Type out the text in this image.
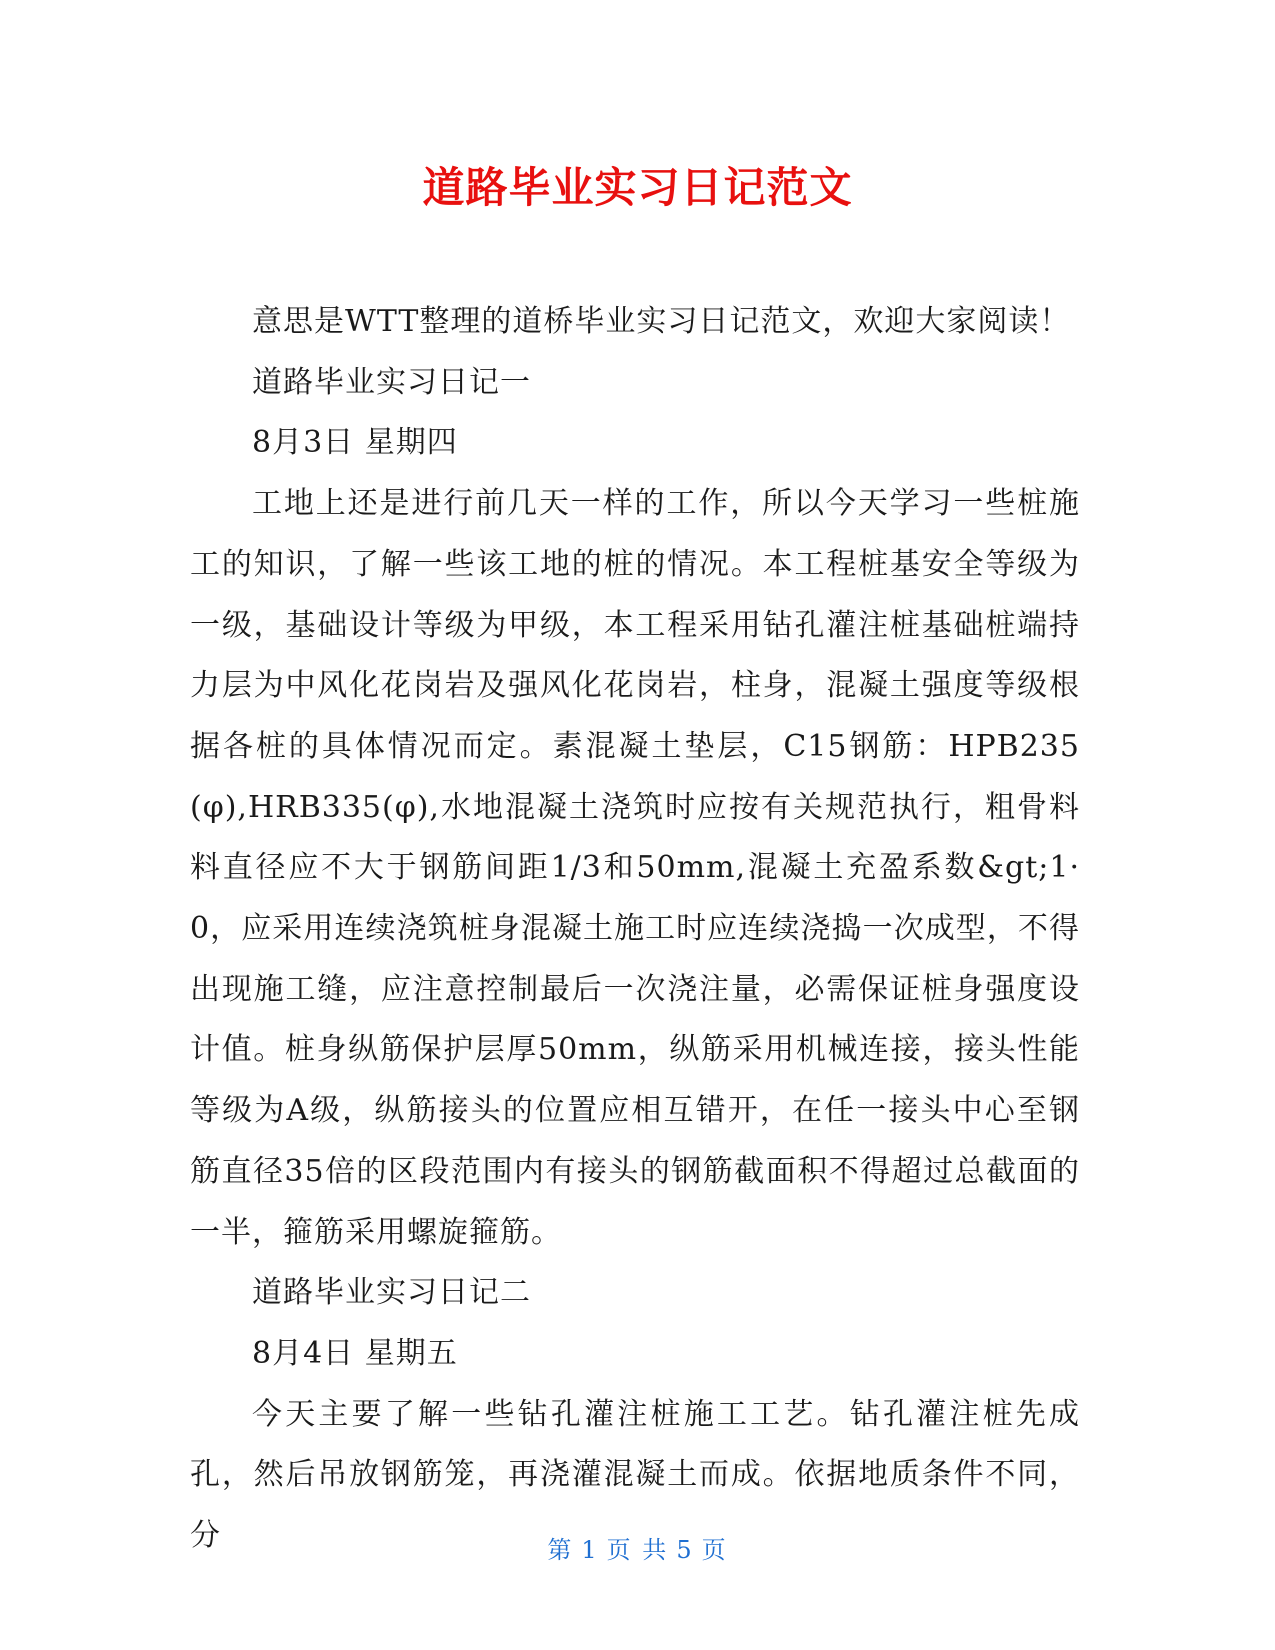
道路毕业实习日记范文

意思是WTT整理的道桥毕业实习日记范文，欢迎大家阅读！

道路毕业实习日记一

8月3日 星期四

工地上还是进行前几天一样的工作，所以今天学习一些桩施工的知识，了解一些该工地的桩的情况。本工程桩基安全等级为一级，基础设计等级为甲级，本工程采用钻孔灌注桩基础桩端持力层为中风化花岗岩及强风化花岗岩，柱身，混凝土强度等级根据各桩的具体情况而定。素混凝土垫层，C15钢筋：HPB235(φ),HRB335(φ),水地混凝土浇筑时应按有关规范执行，粗骨料料直径应不大于钢筋间距1/3和50mm,混凝土充盈系数&gt;1·0，应采用连续浇筑桩身混凝土施工时应连续浇捣一次成型，不得出现施工缝，应注意控制最后一次浇注量，必需保证桩身强度设计值。桩身纵筋保护层厚50mm，纵筋采用机械连接，接头性能等级为A级，纵筋接头的位置应相互错开，在任一接头中心至钢筋直径35倍的区段范围内有接头的钢筋截面积不得超过总截面的一半，箍筋采用螺旋箍筋。

道路毕业实习日记二

8月4日 星期五

今天主要了解一些钻孔灌注桩施工工艺。钻孔灌注桩先成孔，然后吊放钢筋笼，再浇灌混凝土而成。依据地质条件不同，分	第 1 页 共 5 页
